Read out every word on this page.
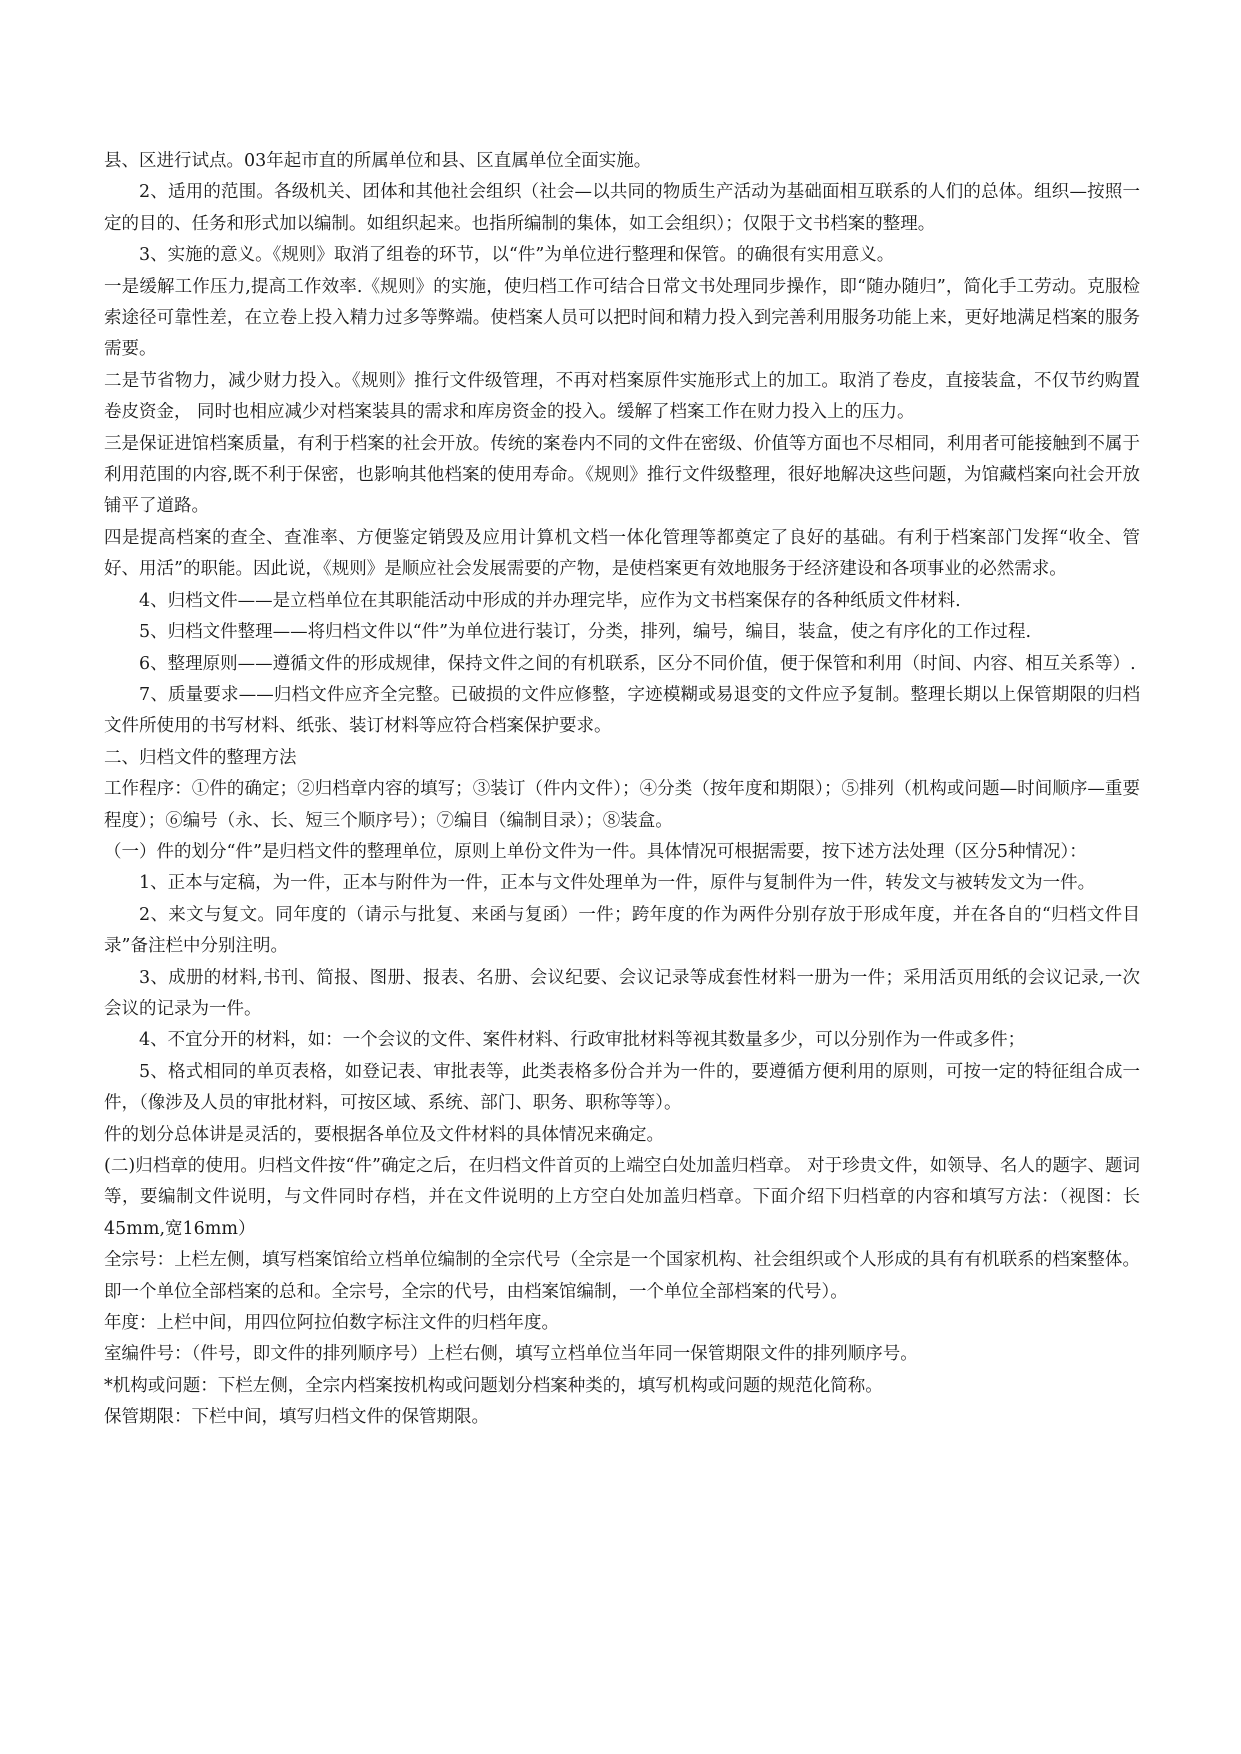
县、区进行试点。03年起市直的所属单位和县、区直属单位全面实施。

2、适用的范围。各级机关、团体和其他社会组织（社会—以共同的物质生产活动为基础面相互联系的人们的总体。组织—按照一定的目的、任务和形式加以编制。如组织起来。也指所编制的集体，如工会组织）；仅限于文书档案的整理。

3、实施的意义。《规则》取消了组卷的环节，以“件”为单位进行整理和保管。的确很有实用意义。

一是缓解工作压力,提高工作效率.《规则》的实施，使归档工作可结合日常文书处理同步操作，即“随办随归”，简化手工劳动。克服检索途径可靠性差，在立卷上投入精力过多等弊端。使档案人员可以把时间和精力投入到完善利用服务功能上来，更好地满足档案的服务需要。

二是节省物力，减少财力投入。《规则》推行文件级管理，不再对档案原件实施形式上的加工。取消了卷皮，直接装盒，不仅节约购置卷皮资金， 同时也相应减少对档案装具的需求和库房资金的投入。缓解了档案工作在财力投入上的压力。

三是保证进馆档案质量，有利于档案的社会开放。传统的案卷内不同的文件在密级、价值等方面也不尽相同，利用者可能接触到不属于利用范围的内容,既不利于保密，也影响其他档案的使用寿命。《规则》推行文件级整理，很好地解决这些问题，为馆藏档案向社会开放铺平了道路。

四是提高档案的查全、查准率、方便鉴定销毁及应用计算机文档一体化管理等都奠定了良好的基础。有利于档案部门发挥“收全、管好、用活”的职能。因此说，《规则》是顺应社会发展需要的产物，是使档案更有效地服务于经济建设和各项事业的必然需求。

4、归档文件——是立档单位在其职能活动中形成的并办理完毕，应作为文书档案保存的各种纸质文件材料.

5、归档文件整理——将归档文件以“件”为单位进行装订，分类，排列，编号，编目，装盒，使之有序化的工作过程.

6、整理原则——遵循文件的形成规律，保持文件之间的有机联系，区分不同价值，便于保管和利用（时间、内容、相互关系等）.

7、质量要求——归档文件应齐全完整。已破损的文件应修整，字迹模糊或易退变的文件应予复制。整理长期以上保管期限的归档文件所使用的书写材料、纸张、装订材料等应符合档案保护要求。

二、归档文件的整理方法

工作程序：①件的确定；②归档章内容的填写；③装订（件内文件）；④分类（按年度和期限）；⑤排列（机构或问题—时间顺序—重要程度）；⑥编号（永、长、短三个顺序号）；⑦编目（编制目录）；⑧装盒。

（一）件的划分“件”是归档文件的整理单位，原则上单份文件为一件。具体情况可根据需要，按下述方法处理（区分5种情况）：

1、正本与定稿，为一件，正本与附件为一件，正本与文件处理单为一件，原件与复制件为一件，转发文与被转发文为一件。

2、来文与复文。同年度的（请示与批复、来函与复函）一件；跨年度的作为两件分别存放于形成年度，并在各自的“归档文件目录”备注栏中分别注明。

3、成册的材料,书刊、简报、图册、报表、名册、会议纪要、会议记录等成套性材料一册为一件；采用活页用纸的会议记录,一次会议的记录为一件。

4、不宜分开的材料，如：一个会议的文件、案件材料、行政审批材料等视其数量多少，可以分别作为一件或多件；

5、格式相同的单页表格，如登记表、审批表等，此类表格多份合并为一件的，要遵循方便利用的原则，可按一定的特征组合成一件，（像涉及人员的审批材料，可按区域、系统、部门、职务、职称等等）。

件的划分总体讲是灵活的，要根据各单位及文件材料的具体情况来确定。

(二)归档章的使用。归档文件按“件”确定之后，在归档文件首页的上端空白处加盖归档章。 对于珍贵文件，如领导、名人的题字、题词等，要编制文件说明，与文件同时存档，并在文件说明的上方空白处加盖归档章。下面介绍下归档章的内容和填写方法：（视图：长45mm,宽16mm）

全宗号：上栏左侧，填写档案馆给立档单位编制的全宗代号（全宗是一个国家机构、社会组织或个人形成的具有有机联系的档案整体。即一个单位全部档案的总和。全宗号，全宗的代号，由档案馆编制，一个单位全部档案的代号）。

年度：上栏中间，用四位阿拉伯数字标注文件的归档年度。

室编件号：（件号，即文件的排列顺序号）上栏右侧，填写立档单位当年同一保管期限文件的排列顺序号。

*机构或问题：下栏左侧，全宗内档案按机构或问题划分档案种类的，填写机构或问题的规范化简称。

保管期限：下栏中间，填写归档文件的保管期限。
